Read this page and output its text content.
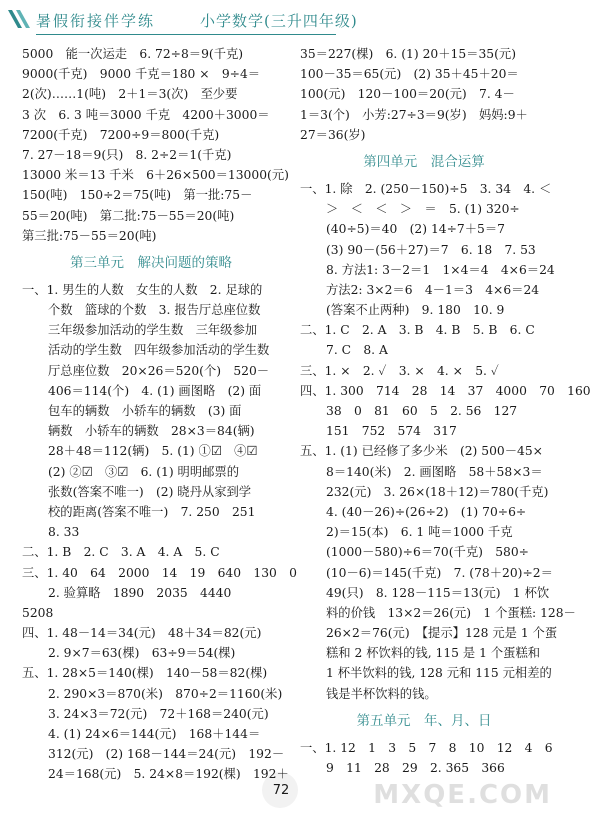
暑假衔接伴学练	小学数学(三升四年级)
5000　能一次运走　6. 72÷8＝9(千克)
9000(千克)　9000 千克＝180 ×　9÷4＝
2(次)……1(吨)　2＋1＝3(次)　至少要
3 次　6. 3 吨＝3000 千克　4200＋3000＝
7200(千克)　7200÷9＝800(千克)
7. 27－18＝9(只)　8. 2÷2＝1(千克)
13000 米＝13 千米　6＋26×500＝13000(元)
150(吨)　150÷2＝75(吨)　第一批:75－
55＝20(吨)　第二批:75－55＝20(吨)
第三批:75－55＝20(吨)
第三单元　解决问题的策略
一、1. 男生的人数　女生的人数　2. 足球的
个数　篮球的个数　3. 报告厅总座位数
三年级参加活动的学生数　三年级参加
活动的学生数　四年级参加活动的学生数
厅总座位数　20×26＝520(个)　520－
406＝114(个)　4. (1) 画图略　(2) 面
包车的辆数　小轿车的辆数　(3) 面
辆数　小轿车的辆数　28×3＝84(辆)
28＋48＝112(辆)　5. (1) ①☑　④☑
(2) ②☑　③☑　6. (1) 明明邮票的
张数(答案不唯一)　(2) 晓丹从家到学
校的距离(答案不唯一)　7. 250　251
8. 33
二、1. B　2. C　3. A　4. A　5. C
三、1. 40　64　2000　14　19　640　130　0
2. 验算略　1890　2035　4440
5208
四、1. 48－14＝34(元)　48＋34＝82(元)
2. 9×7＝63(棵)　63÷9＝54(棵)
五、1. 28×5＝140(棵)　140－58＝82(棵)
2. 290×3＝870(米)　870÷2＝1160(米)
3. 24×3＝72(元)　72＋168＝240(元)
4. (1) 24×6＝144(元)　168＋144＝
312(元)　(2) 168－144＝24(元)　192－
24＝168(元)　5. 24×8＝192(棵)　192＋
35＝227(棵)　6. (1) 20＋15＝35(元)
100－35＝65(元)　(2) 35＋45＋20＝
100(元)　120－100＝20(元)　7. 4－
1＝3(个)　小芳:27÷3＝9(岁)　妈妈:9＋
27＝36(岁)
第四单元　混合运算
一、1. 除　2. (250－150)÷5　3. 34　4. ＜
＞　＜　＜　＞　＝　5. (1) 320÷
(40÷5)＝40　(2) 14÷7＋5＝7
(3) 90－(56＋27)＝7　6. 18　7. 53
8. 方法1: 3－2＝1　1×4＝4　4×6＝24
方法2: 3×2＝6　4－1＝3　4×6＝24
(答案不止两种)　9. 180　10. 9
二、1. C　2. A　3. B　4. B　5. B　6. C
7. C　8. A
三、1. ×　2. ✓　3. ×　4. ×　5. ✓
四、1. 300　714　28　14　37　4000　70　160
38　0　81　60　5　2. 56　127
151　752　574　317
五、1. (1) 已经修了多少米　(2) 500－45×
8＝140(米)　2. 画图略　58＋58×3＝
232(元)　3. 26×(18＋12)＝780(千克)
4. (40－26)÷(26÷2)　(1) 70÷6÷
2)＝15(本)　6. 1 吨＝1000 千克
(1000－580)÷6＝70(千克)　580÷
(10－6)＝145(千克)　7. (78＋20)÷2＝
49(只)　8. 128－115＝13(元)　1 杯饮
料的价钱　13×2＝26(元)　1 个蛋糕: 128－
26×2＝76(元)　【提示】128 元是 1 个蛋
糕和 2 杯饮料的钱, 115 是 1 个蛋糕和
1 杯半饮料的钱, 128 元和 115 元相差的
钱是半杯饮料的钱。
第五单元　年、月、日
一、1. 12　1　3　5　7　8　10　12　4　6
9　11　28　29　2. 365　366
72	MXQE.COM
